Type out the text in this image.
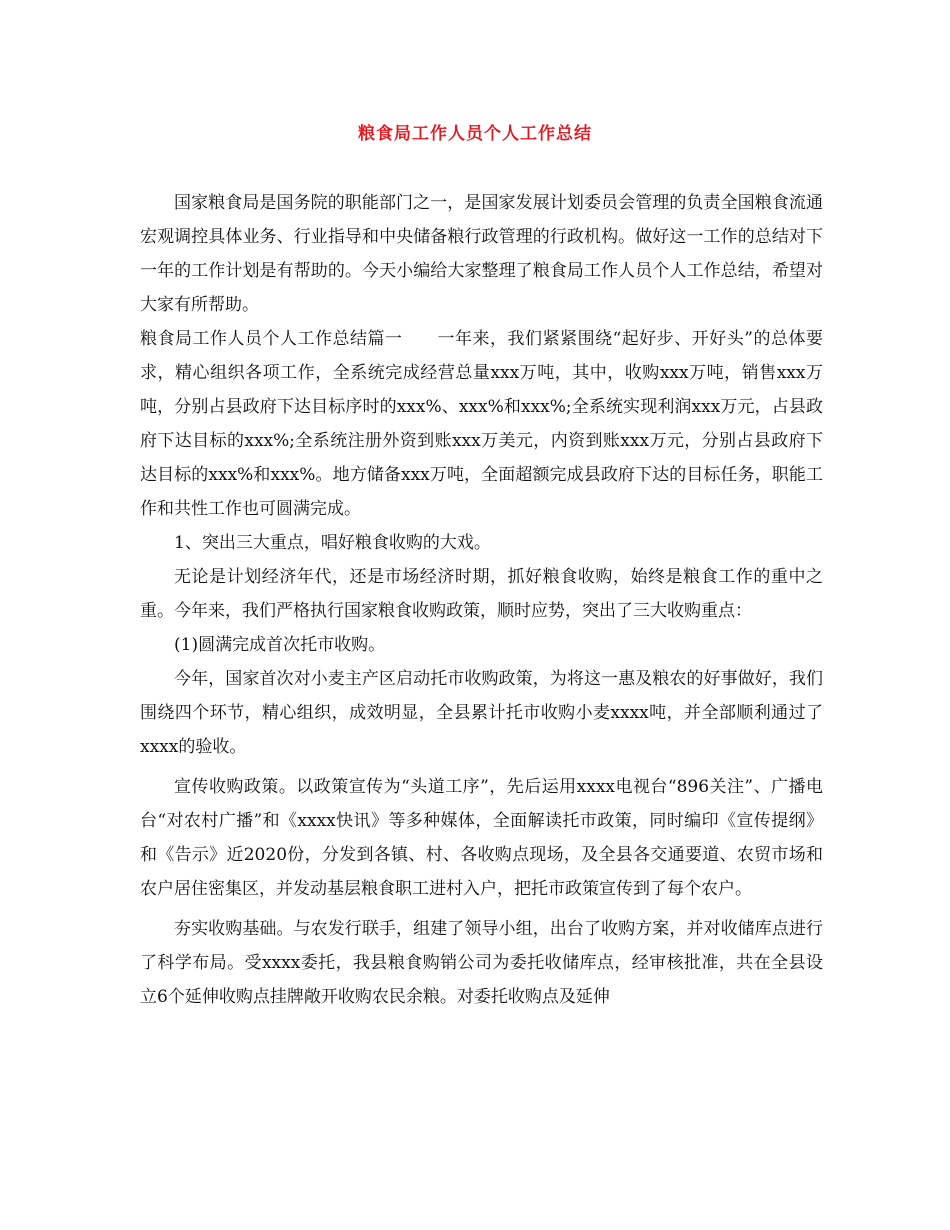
粮食局工作人员个人工作总结

国家粮食局是国务院的职能部门之一，是国家发展计划委员会管理的负责全国粮食流通宏观调控具体业务、行业指导和中央储备粮行政管理的行政机构。做好这一工作的总结对下一年的工作计划是有帮助的。今天小编给大家整理了粮食局工作人员个人工作总结，希望对大家有所帮助。

粮食局工作人员个人工作总结篇一　　一年来，我们紧紧围绕“起好步、开好头”的总体要求，精心组织各项工作，全系统完成经营总量xxx万吨，其中，收购xxx万吨，销售xxx万吨，分别占县政府下达目标序时的xxx%、xxx%和xxx%;全系统实现利润xxx万元，占县政府下达目标的xxx%;全系统注册外资到账xxx万美元，内资到账xxx万元，分别占县政府下达目标的xxx%和xxx%。地方储备xxx万吨，全面超额完成县政府下达的目标任务，职能工作和共性工作也可圆满完成。

1、突出三大重点，唱好粮食收购的大戏。

无论是计划经济年代，还是市场经济时期，抓好粮食收购，始终是粮食工作的重中之重。今年来，我们严格执行国家粮食收购政策，顺时应势，突出了三大收购重点：

(1)圆满完成首次托市收购。

今年，国家首次对小麦主产区启动托市收购政策，为将这一惠及粮农的好事做好，我们围绕四个环节，精心组织，成效明显，全县累计托市收购小麦xxxx吨，并全部顺利通过了xxxx的验收。

宣传收购政策。以政策宣传为“头道工序”，先后运用xxxx电视台“896关注”、广播电台“对农村广播”和《xxxx快讯》等多种媒体，全面解读托市政策，同时编印《宣传提纲》和《告示》近2020份，分发到各镇、村、各收购点现场，及全县各交通要道、农贸市场和农户居住密集区，并发动基层粮食职工进村入户，把托市政策宣传到了每个农户。

夯实收购基础。与农发行联手，组建了领导小组，出台了收购方案，并对收储库点进行了科学布局。受xxxx委托，我县粮食购销公司为委托收储库点，经审核批准，共在全县设立6个延伸收购点挂牌敞开收购农民余粮。对委托收购点及延伸
